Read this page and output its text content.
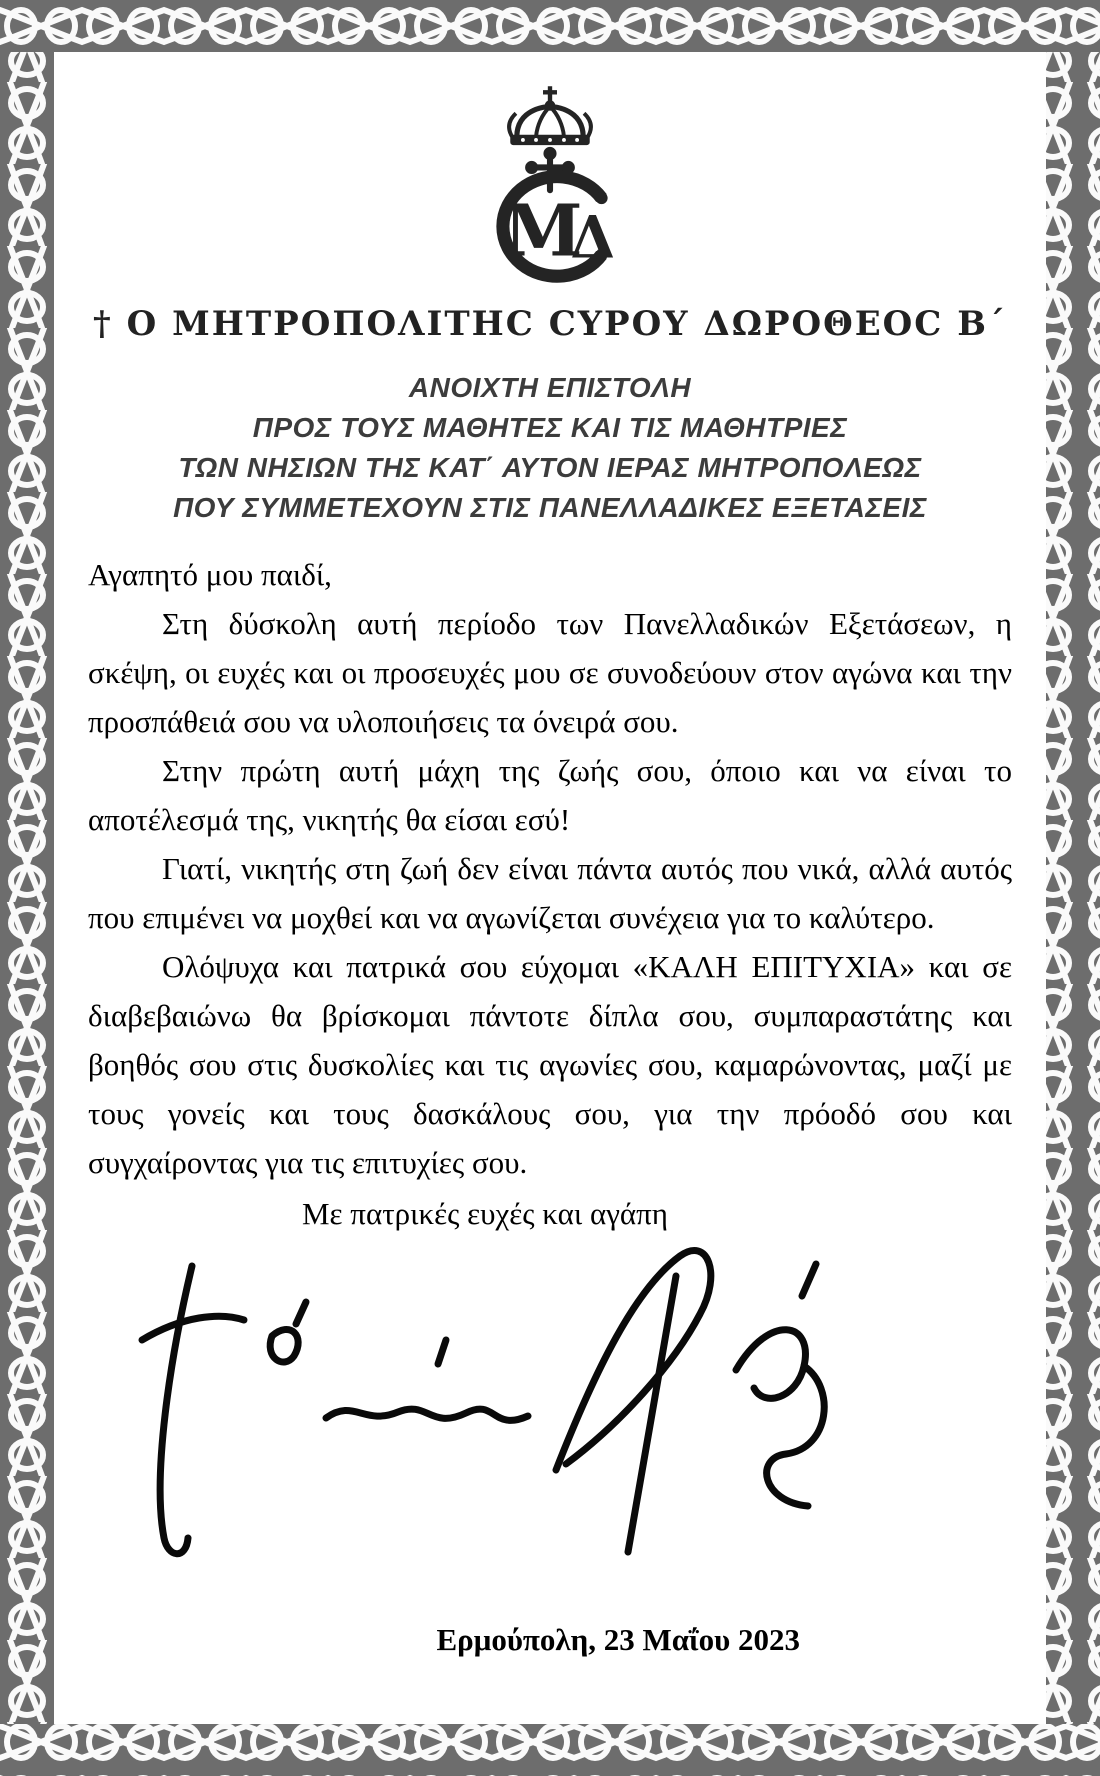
M
Δ
† Ο ΜΗΤΡΟΠΟΛΙΤΗC CΥΡΟΥ ΔΩΡΟΘΕΟC Β΄
ΑΝΟΙΧΤΗ ΕΠΙΣΤΟΛΗ
ΠΡΟΣ ΤΟΥΣ ΜΑΘΗΤΕΣ ΚΑΙ ΤΙΣ ΜΑΘΗΤΡΙΕΣ
ΤΩΝ ΝΗΣΙΩΝ ΤΗΣ ΚΑΤ΄ ΑΥΤΟΝ ΙΕΡΑΣ ΜΗΤΡΟΠΟΛΕΩΣ
ΠΟΥ ΣΥΜΜΕΤΕΧΟΥΝ ΣΤΙΣ ΠΑΝΕΛΛΑΔΙΚΕΣ ΕΞΕΤΑΣΕΙΣ

Αγαπητό μου παιδί,

Στη δύσκολη αυτή περίοδο των Πανελλαδικών Εξετάσεων, η σκέψη, οι ευχές και οι προσευχές μου σε συνοδεύουν στον αγώνα και την προσπάθειά σου να υλοποιήσεις τα όνειρά σου.

Στην πρώτη αυτή μάχη της ζωής σου, όποιο και να είναι το αποτέλεσμά της, νικητής θα είσαι εσύ!

Γιατί, νικητής στη ζωή δεν είναι πάντα αυτός που νικά, αλλά αυτός που επιμένει να μοχθεί και να αγωνίζεται συνέχεια για το καλύτερο.

Ολόψυχα και πατρικά σου εύχομαι «ΚΑΛΗ ΕΠΙΤΥΧΙΑ» και σε διαβεβαιώνω θα βρίσκομαι πάντοτε δίπλα σου, συμπαραστάτης και βοηθός σου στις δυσκολίες και τις αγωνίες σου, καμαρώνοντας, μαζί με τους γονείς και τους δασκάλους σου, για την πρόοδό σου και συγχαίροντας για τις επιτυχίες σου.

Με πατρικές ευχές και αγάπη
Ερμούπολη, 23 Μαΐου 2023
